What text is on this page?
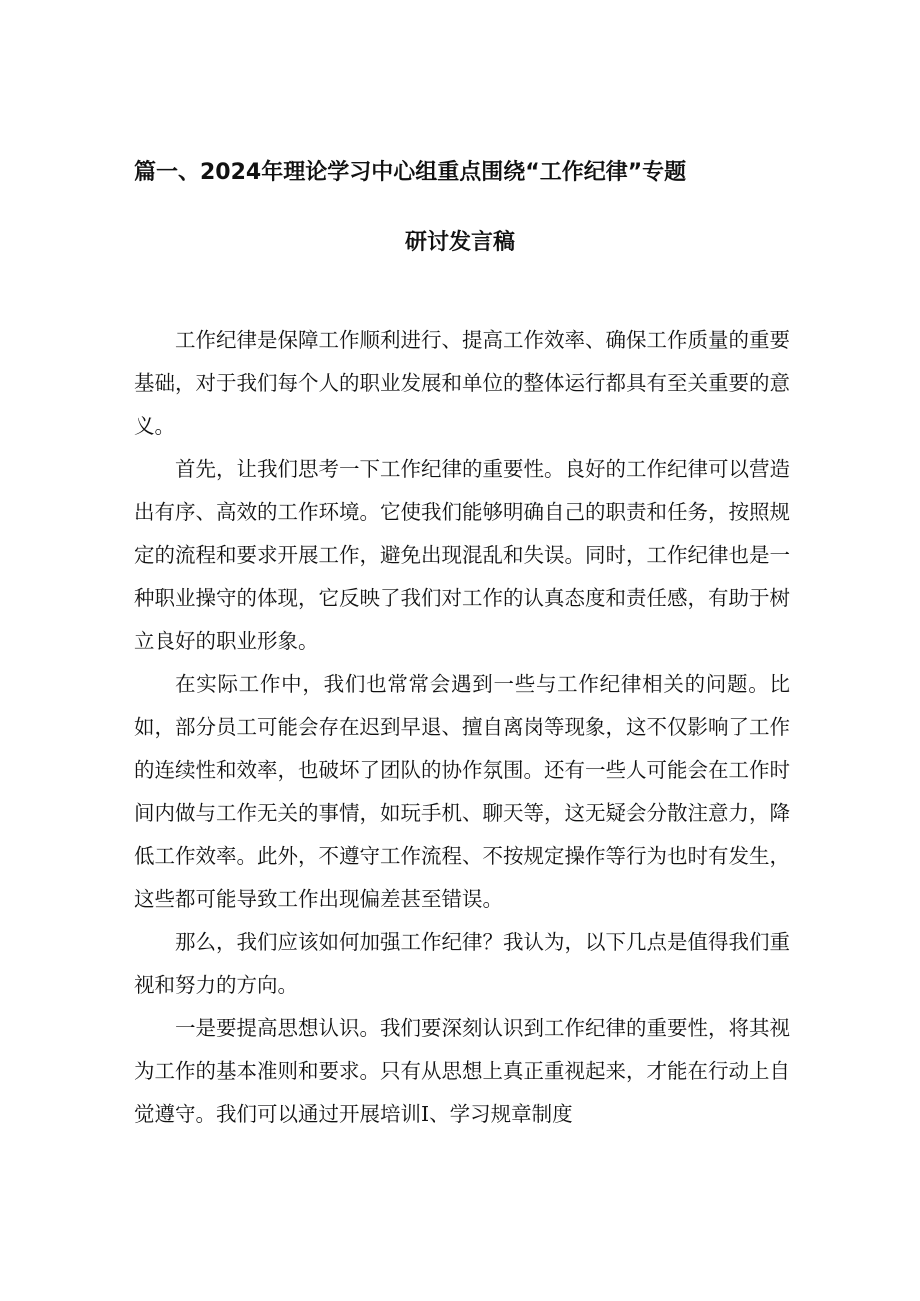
篇一、2024年理论学习中心组重点围绕“工作纪律”专题
研讨发言稿

工作纪律是保障工作顺利进行、提高工作效率、确保工作质量的重要基础，对于我们每个人的职业发展和单位的整体运行都具有至关重要的意义。

首先，让我们思考一下工作纪律的重要性。良好的工作纪律可以营造出有序、高效的工作环境。它使我们能够明确自己的职责和任务，按照规定的流程和要求开展工作，避免出现混乱和失误。同时，工作纪律也是一种职业操守的体现，它反映了我们对工作的认真态度和责任感，有助于树立良好的职业形象。

在实际工作中，我们也常常会遇到一些与工作纪律相关的问题。比如，部分员工可能会存在迟到早退、擅自离岗等现象，这不仅影响了工作的连续性和效率，也破坏了团队的协作氛围。还有一些人可能会在工作时间内做与工作无关的事情，如玩手机、聊天等，这无疑会分散注意力，降低工作效率。此外，不遵守工作流程、不按规定操作等行为也时有发生，这些都可能导致工作出现偏差甚至错误。

那么，我们应该如何加强工作纪律？我认为，以下几点是值得我们重视和努力的方向。

一是要提高思想认识。我们要深刻认识到工作纪律的重要性，将其视为工作的基本准则和要求。只有从思想上真正重视起来，才能在行动上自觉遵守。我们可以通过开展培训I、学习规章制度
